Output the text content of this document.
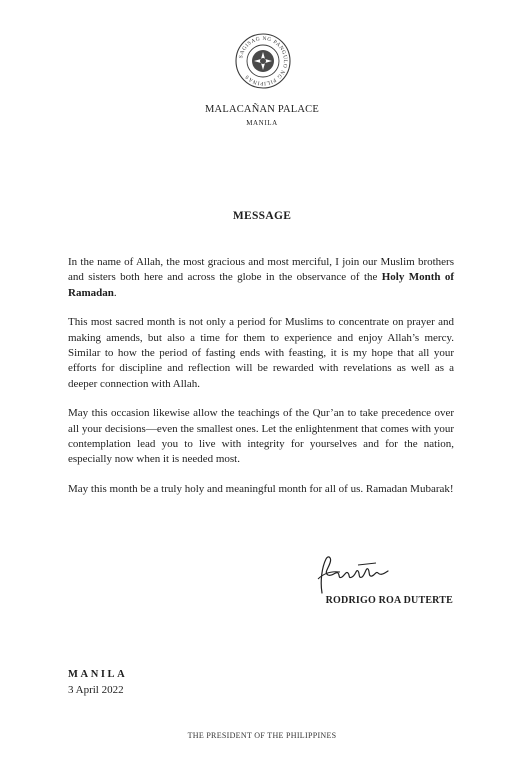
SAGISAG NG PANGULO NG PILIPINAS
MALACAÑAN PALACE
MANILA
MESSAGE

In the name of Allah, the most gracious and most merciful, I join our Muslim brothers and sisters both here and across the globe in the observance of the Holy Month of Ramadan.

This most sacred month is not only a period for Muslims to concentrate on prayer and making amends, but also a time for them to experience and enjoy Allah’s mercy. Similar to how the period of fasting ends with feasting, it is my hope that all your efforts for discipline and reflection will be rewarded with revelations as well as a deeper connection with Allah.

May this occasion likewise allow the teachings of the Qur’an to take precedence over all your decisions—even the smallest ones. Let the enlightenment that comes with your contemplation lead you to live with integrity for yourselves and for the nation, especially now when it is needed most.

May this month be a truly holy and meaningful month for all of us. Ramadan Mubarak!

RODRIGO ROA DUTERTE
MANILA
3 April 2022
THE PRESIDENT OF THE PHILIPPINES
